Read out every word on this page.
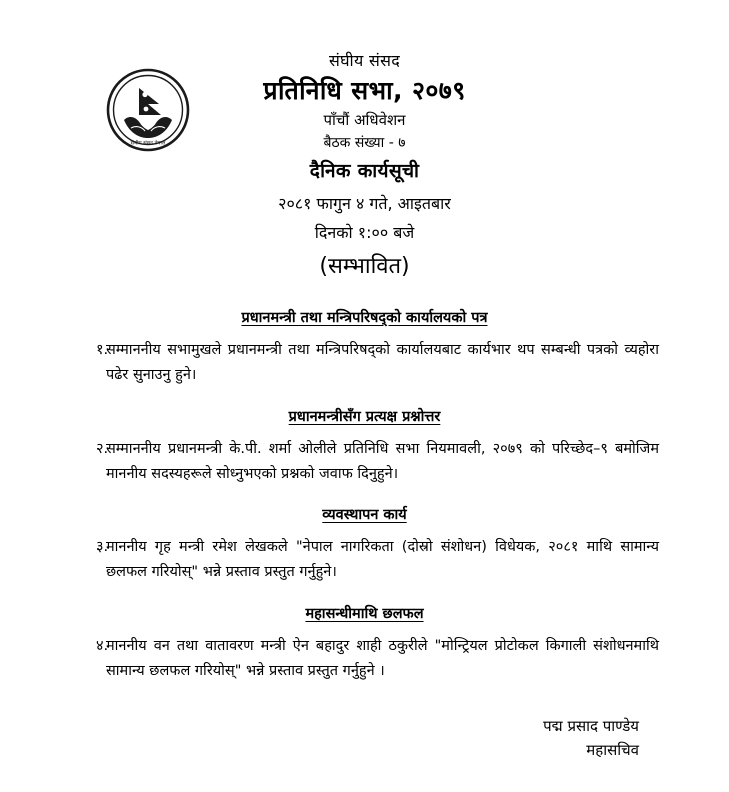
संघीय संसद नेपाल
संघीय संसद
प्रतिनिधि सभा, २०७९
पाँचौं अधिवेशन
बैठक संख्या - ७
दैनिक कार्यसूची
२०८१ फागुन ४ गते, आइतबार
दिनको १:०० बजे
(सम्भावित)
प्रधानमन्त्री तथा मन्त्रिपरिषद्को कार्यालयको पत्र
१.
सम्माननीय सभामुखले प्रधानमन्त्री तथा मन्त्रिपरिषद्को कार्यालयबाट कार्यभार थप सम्बन्धी पत्रको व्यहोरा पढेर सुनाउनु हुने।
प्रधानमन्त्रीसँग प्रत्यक्ष प्रश्नोत्तर
२.
सम्माननीय प्रधानमन्त्री के.पी. शर्मा ओलीले प्रतिनिधि सभा नियमावली, २०७९ को परिच्छेद–९ बमोजिम माननीय सदस्यहरूले सोध्नुभएको प्रश्नको जवाफ दिनुहुने।
व्यवस्थापन कार्य
३.
माननीय गृह मन्त्री रमेश लेखकले "नेपाल नागरिकता (दोस्रो संशोधन) विधेयक, २०८१ माथि सामान्य छलफल गरियोस्" भन्ने प्रस्ताव प्रस्तुत गर्नुहुने।
महासन्धीमाथि छलफल
४.
माननीय वन तथा वातावरण मन्त्री ऐन बहादुर शाही ठकुरीले "मोन्ट्रियल प्रोटोकल किगाली संशोधनमाथि सामान्य छलफल गरियोस्" भन्ने प्रस्ताव प्रस्तुत गर्नुहुने ।
पद्म प्रसाद पाण्डेय
महासचिव
